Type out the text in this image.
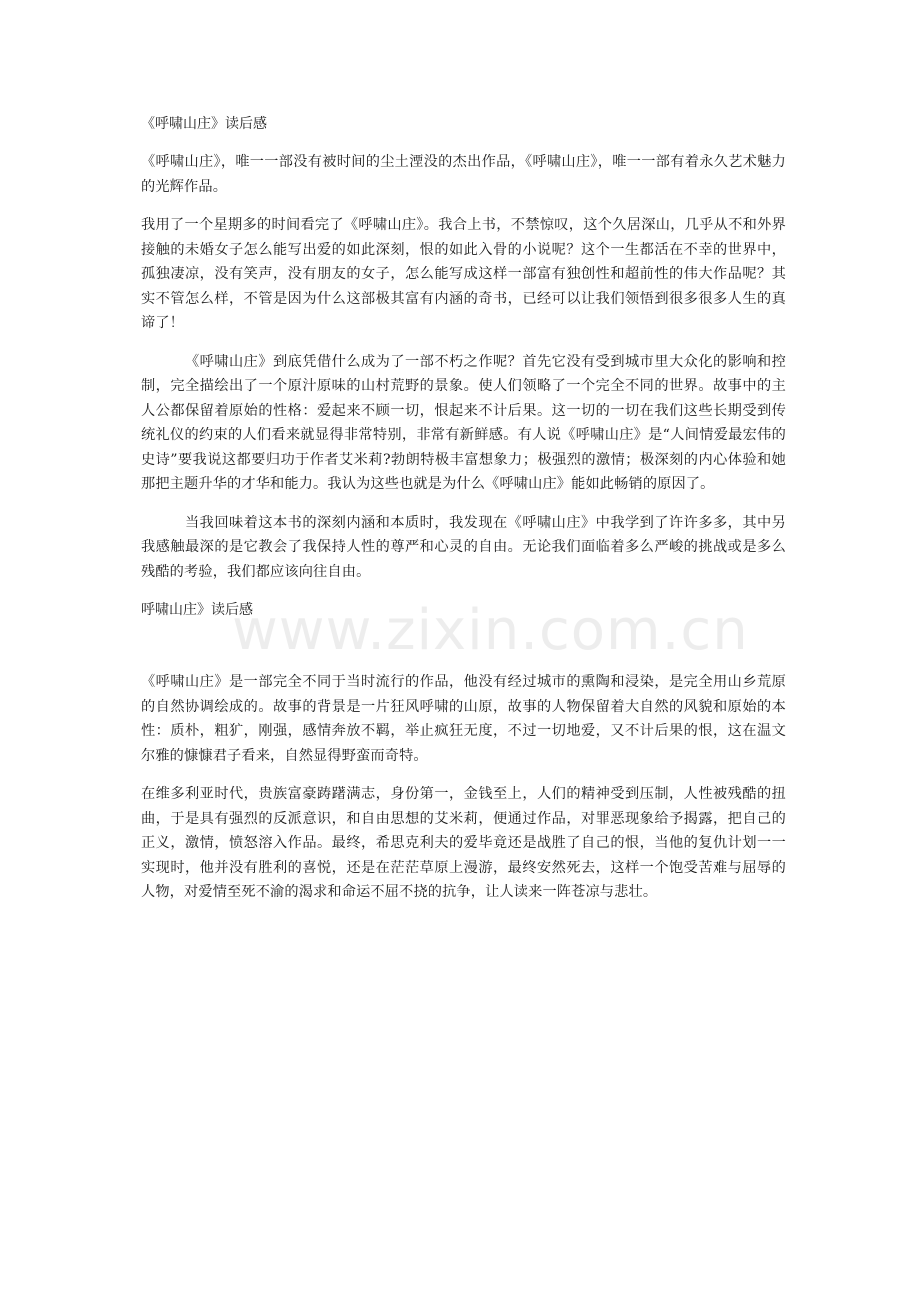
《呼啸山庄》读后感

《呼啸山庄》，唯一一部没有被时间的尘土湮没的杰出作品，《呼啸山庄》，唯一一部有着永久艺术魅力的光辉作品。

我用了一个星期多的时间看完了《呼啸山庄》。我合上书，不禁惊叹，这个久居深山，几乎从不和外界接触的未婚女子怎么能写出爱的如此深刻，恨的如此入骨的小说呢？这个一生都活在不幸的世界中，孤独凄凉，没有笑声，没有朋友的女子，怎么能写成这样一部富有独创性和超前性的伟大作品呢？其实不管怎么样，不管是因为什么这部极其富有内涵的奇书，已经可以让我们领悟到很多很多人生的真谛了！

《呼啸山庄》到底凭借什么成为了一部不朽之作呢？首先它没有受到城市里大众化的影响和控制，完全描绘出了一个原汁原味的山村荒野的景象。使人们领略了一个完全不同的世界。故事中的主人公都保留着原始的性格：爱起来不顾一切，恨起来不计后果。这一切的一切在我们这些长期受到传统礼仪的约束的人们看来就显得非常特别，非常有新鲜感。有人说《呼啸山庄》是“人间情爱最宏伟的史诗”要我说这都要归功于作者艾米莉?勃朗特极丰富想象力；极强烈的激情；极深刻的内心体验和她那把主题升华的才华和能力。我认为这些也就是为什么《呼啸山庄》能如此畅销的原因了。

当我回味着这本书的深刻内涵和本质时，我发现在《呼啸山庄》中我学到了许许多多，其中另我感触最深的是它教会了我保持人性的尊严和心灵的自由。无论我们面临着多么严峻的挑战或是多么残酷的考验，我们都应该向往自由。

呼啸山庄》读后感

《呼啸山庄》是一部完全不同于当时流行的作品，他没有经过城市的熏陶和浸染，是完全用山乡荒原的自然协调绘成的。故事的背景是一片狂风呼啸的山原，故事的人物保留着大自然的风貌和原始的本性：质朴，粗犷，刚强，感情奔放不羁，举止疯狂无度，不过一切地爱，又不计后果的恨，这在温文尔雅的慷慷君子看来，自然显得野蛮而奇特。

在维多利亚时代，贵族富豪踌躇满志，身份第一，金钱至上，人们的精神受到压制，人性被残酷的扭曲，于是具有强烈的反派意识，和自由思想的艾米莉，便通过作品，对罪恶现象给予揭露，把自己的正义，激情，愤怒溶入作品。最终，希思克利夫的爱毕竟还是战胜了自己的恨，当他的复仇计划一一实现时，他并没有胜利的喜悦，还是在茫茫草原上漫游，最终安然死去，这样一个饱受苦难与屈辱的人物，对爱情至死不渝的渴求和命运不屈不挠的抗争，让人读来一阵苍凉与悲壮。

www.zixin.com.cn
